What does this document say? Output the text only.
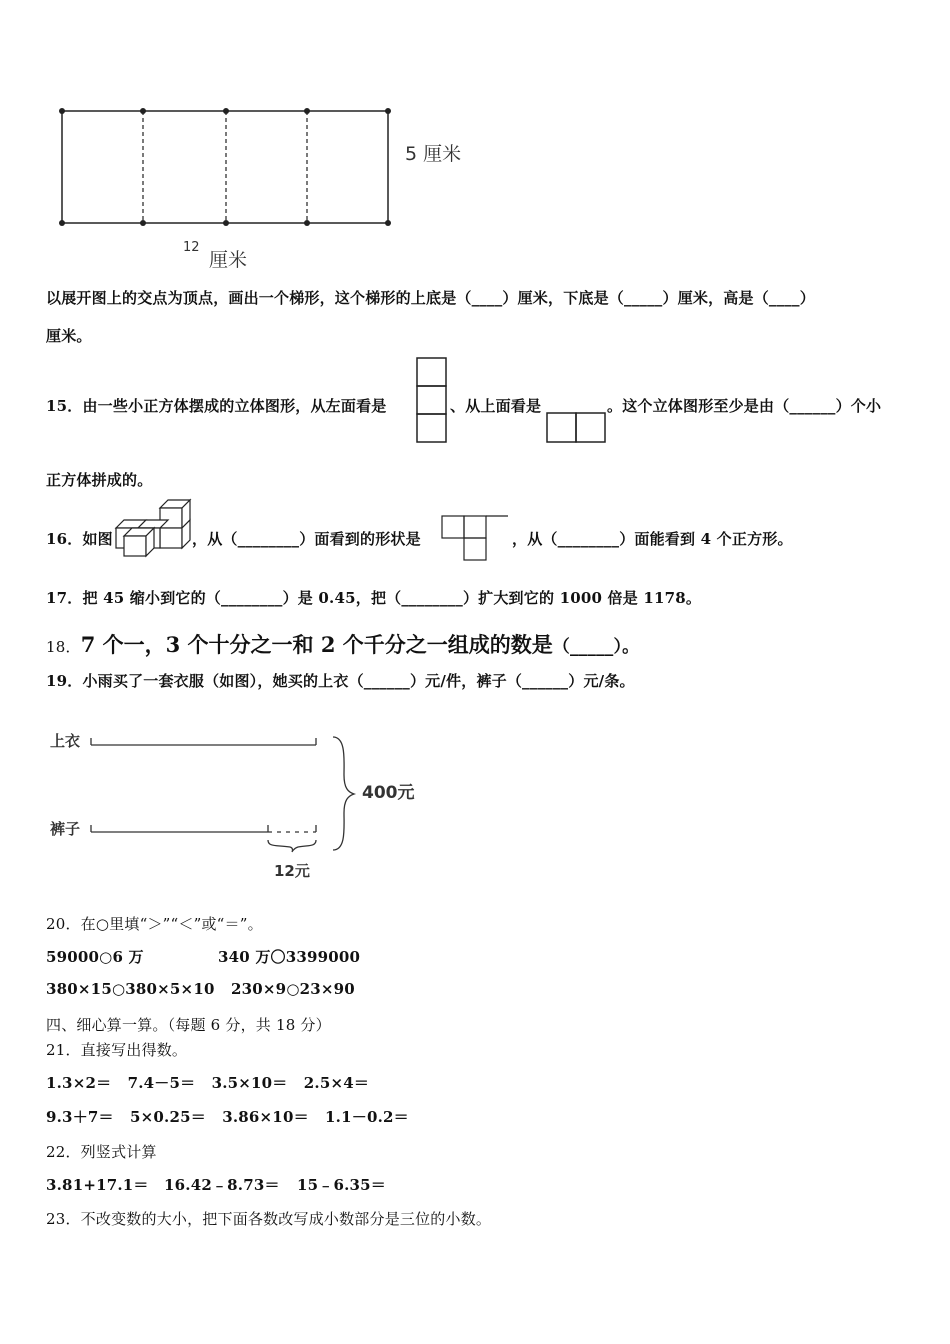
5 厘米
12
厘米
以展开图上的交点为顶点，画出一个梯形，这个梯形的上底是（____）厘米，下底是（_____）厘米，高是（____）
厘米。
15．由一些小正方体摆成的立体图形，从左面看是	、从上面看是	。这个立体图形至少是由（______）个小
正方体拼成的。
16．如图	，从（________）面看到的形状是	，从（________）面能看到 4 个正方形。
17．把 45 缩小到它的（________）是 0.45，把（________）扩大到它的 1000 倍是 1178。
18．7 个一，3 个十分之一和 2 个千分之一组成的数是（_____）。
19．小雨买了一套衣服（如图），她买的上衣（______）元/件，裤子（______）元/条。
上衣
裤子
400元
12元
20．在○里填“＞”“＜”或“＝”。
59000○6 万	340 万〇3399000
380×15○380×5×10 230×9○23×90
四、细心算一算。（每题 6 分，共 18 分）
21．直接写出得数。
1.3×2＝   7.4－5＝   3.5×10＝   2.5×4＝
9.3＋7＝   5×0.25＝   3.86×10＝   1.1－0.2＝
22．列竖式计算
3.81+17.1＝ 16.42﹣8.73＝ 15﹣6.35＝
23．不改变数的大小，把下面各数改写成小数部分是三位的小数。
